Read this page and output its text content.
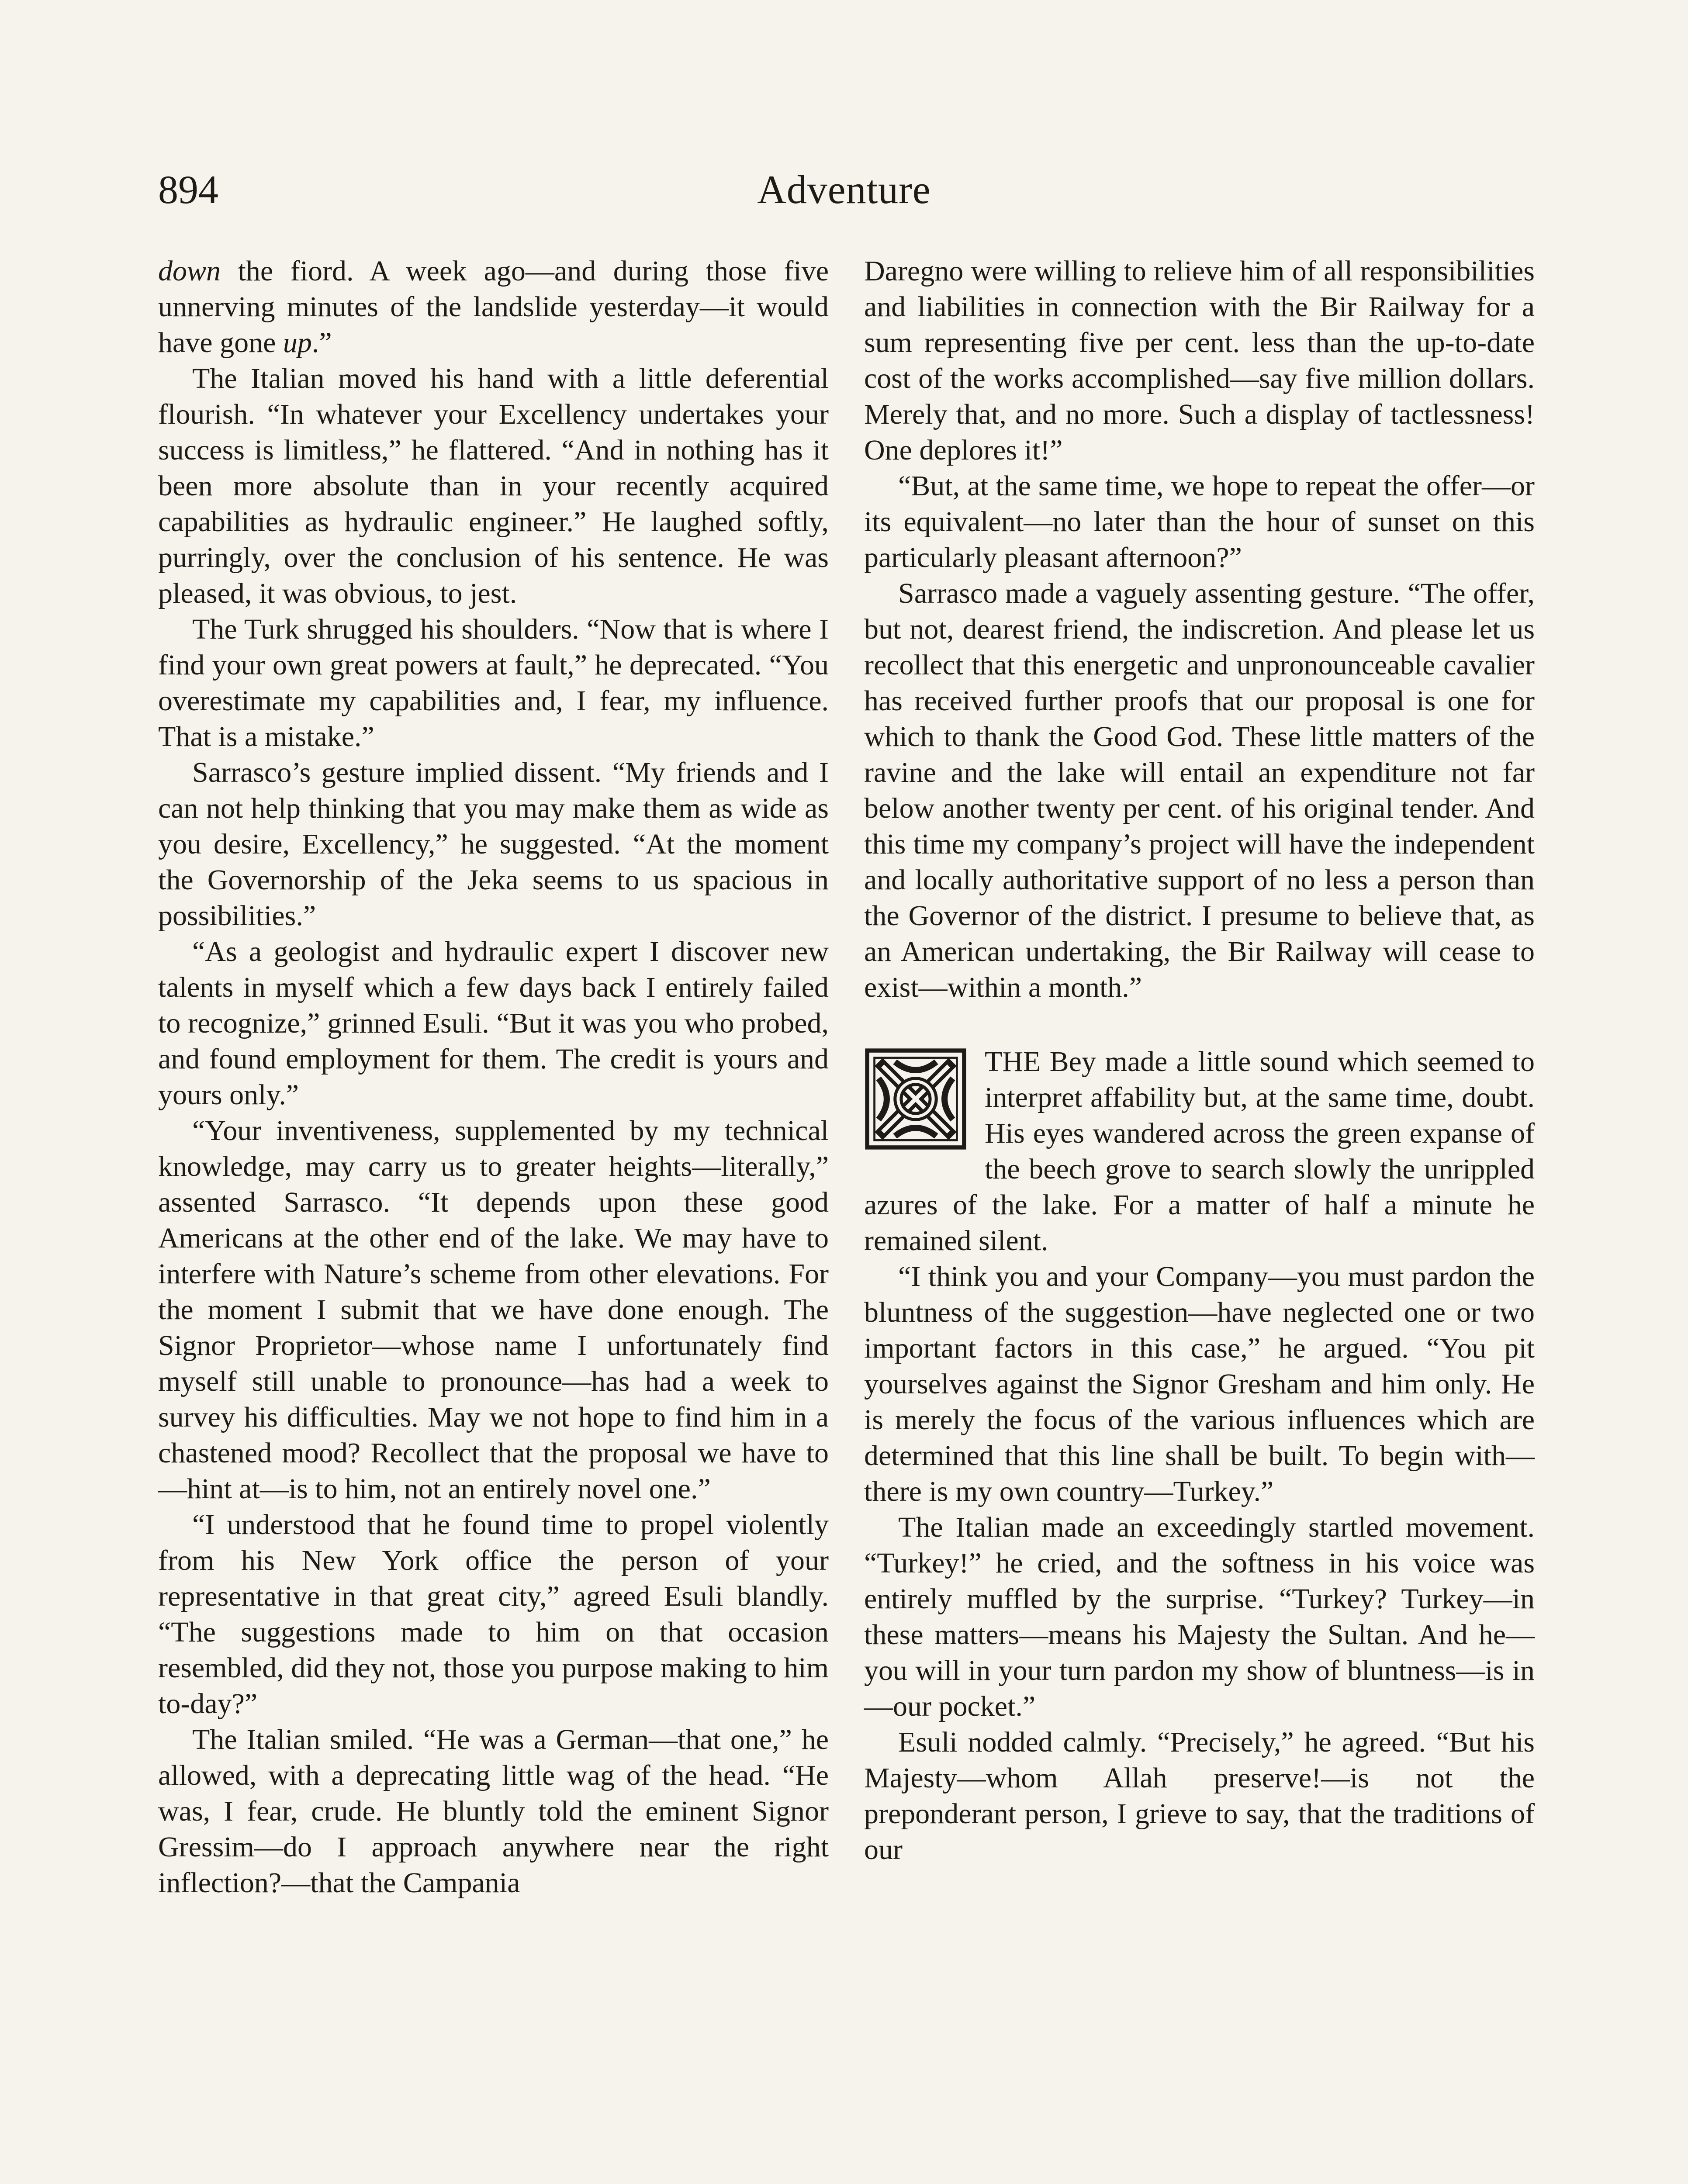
894	Adventure

down the fiord. A week ago—and during those five unnerving minutes of the landslide yesterday—it would have gone up.”

The Italian moved his hand with a little deferential flourish. “In whatever your Excellency undertakes your success is limitless,” he flattered. “And in nothing has it been more absolute than in your recently acquired capabilities as hydraulic engineer.” He laughed softly, purringly, over the conclusion of his sentence. He was pleased, it was obvious, to jest.

The Turk shrugged his shoulders. “Now that is where I find your own great powers at fault,” he deprecated. “You overestimate my capabilities and, I fear, my influence. That is a mistake.”

Sarrasco’s gesture implied dissent. “My friends and I can not help thinking that you may make them as wide as you desire, Excellency,” he suggested. “At the moment the Governorship of the Jeka seems to us spacious in possibilities.”

“As a geologist and hydraulic expert I discover new talents in myself which a few days back I entirely failed to recognize,” grinned Esuli. “But it was you who probed, and found employment for them. The credit is yours and yours only.”

“Your inventiveness, supplemented by my technical knowledge, may carry us to greater heights—literally,” assented Sarrasco. “It depends upon these good Americans at the other end of the lake. We may have to interfere with Nature’s scheme from other elevations. For the moment I submit that we have done enough. The Signor Proprietor—whose name I unfortunately find myself still unable to pronounce—has had a week to survey his difficulties. May we not hope to find him in a chastened mood? Recollect that the proposal we have to—hint at—is to him, not an entirely novel one.”

“I understood that he found time to propel violently from his New York office the person of your representative in that great city,” agreed Esuli blandly. “The suggestions made to him on that occasion resembled, did they not, those you purpose making to him to-day?”

The Italian smiled. “He was a German—that one,” he allowed, with a deprecating little wag of the head. “He was, I fear, crude. He bluntly told the eminent Signor Gressim—do I approach anywhere near the right inflection?—that the Campania

Daregno were willing to relieve him of all responsibilities and liabilities in connection with the Bir Railway for a sum representing five per cent. less than the up-to-date cost of the works accomplished—say five million dollars. Merely that, and no more. Such a display of tactlessness! One deplores it!”

“But, at the same time, we hope to repeat the offer—or its equivalent—no later than the hour of sunset on this particularly pleasant afternoon?”

Sarrasco made a vaguely assenting gesture. “The offer, but not, dearest friend, the indiscretion. And please let us recollect that this energetic and unpronounceable cavalier has received further proofs that our proposal is one for which to thank the Good God. These little matters of the ravine and the lake will entail an expenditure not far below another twenty per cent. of his original tender. And this time my company’s project will have the independent and locally authoritative support of no less a person than the Governor of the district. I presume to believe that, as an American undertaking, the Bir Railway will cease to exist—within a month.”

THE Bey made a little sound which seemed to interpret affability but, at the same time, doubt. His eyes wandered across the green expanse of the beech grove to search slowly the unrippled azures of the lake. For a matter of half a minute he remained silent.

“I think you and your Company—you must pardon the bluntness of the suggestion—have neglected one or two important factors in this case,” he argued. “You pit yourselves against the Signor Gresham and him only. He is merely the focus of the various influences which are determined that this line shall be built. To begin with—there is my own country—Turkey.”

The Italian made an exceedingly startled movement. “Turkey!” he cried, and the softness in his voice was entirely muffled by the surprise. “Turkey? Turkey—in these matters—means his Majesty the Sultan. And he—you will in your turn pardon my show of bluntness—is in—our pocket.”

Esuli nodded calmly. “Precisely,” he agreed. “But his Majesty—whom Allah preserve!—is not the preponderant person, I grieve to say, that the traditions of our
